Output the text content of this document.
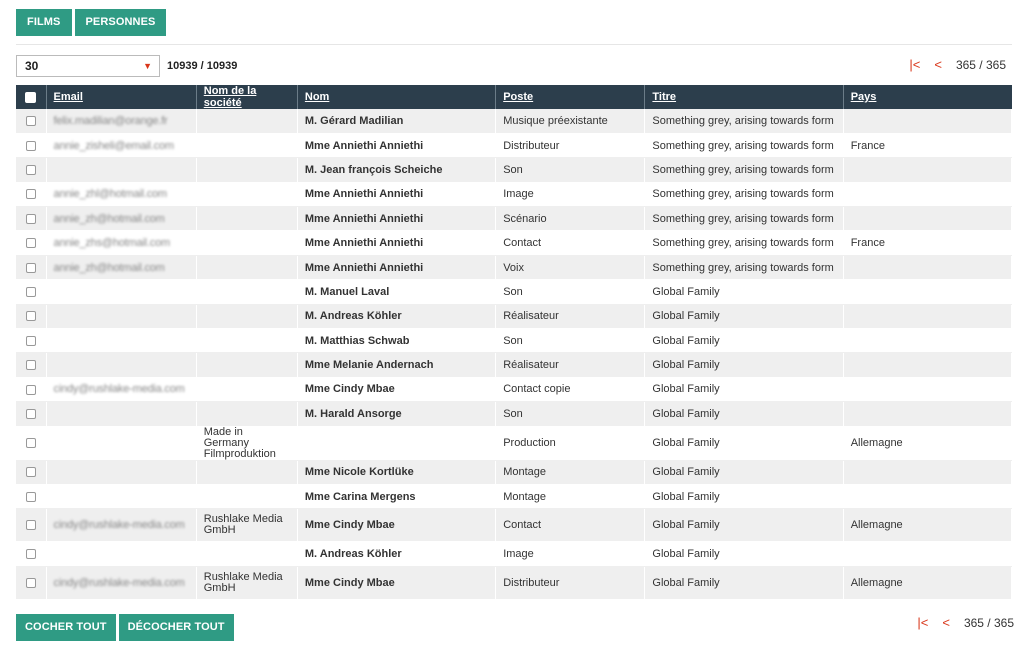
FILMS	PERSONNES
30	▼ 10939 / 10939	|< < 365 / 365
	Email	Nom de la société	Nom	Poste	Titre	Pays
	felix.madilian@orange.fr		M. Gérard Madilian	Musique préexistante	Something grey, arising towards form	
	annie_zisheli@email.com		Mme Anniethi Anniethi	Distributeur	Something grey, arising towards form	France
			M. Jean françois Scheiche	Son	Something grey, arising towards form	
	annie_zhl@hotmail.com		Mme Anniethi Anniethi	Image	Something grey, arising towards form	
	annie_zh@hotmail.com		Mme Anniethi Anniethi	Scénario	Something grey, arising towards form	
	annie_zhs@hotmail.com		Mme Anniethi Anniethi	Contact	Something grey, arising towards form	France
	annie_zh@hotmail.com		Mme Anniethi Anniethi	Voix	Something grey, arising towards form	
			M. Manuel Laval	Son	Global Family	
			M. Andreas Köhler	Réalisateur	Global Family	
			M. Matthias Schwab	Son	Global Family	
			Mme Melanie Andernach	Réalisateur	Global Family	
	cindy@rushlake-media.com		Mme Cindy Mbae	Contact copie	Global Family	
			M. Harald Ansorge	Son	Global Family	
		Made in Germany Filmproduktion		Production	Global Family	Allemagne
			Mme Nicole Kortlüke	Montage	Global Family	
			Mme Carina Mergens	Montage	Global Family	
	cindy@rushlake-media.com	Rushlake Media GmbH	Mme Cindy Mbae	Contact	Global Family	Allemagne
			M. Andreas Köhler	Image	Global Family	
	cindy@rushlake-media.com	Rushlake Media GmbH	Mme Cindy Mbae	Distributeur	Global Family	Allemagne
COCHER TOUT	DÉCOCHER TOUT	|< < 365 / 365
